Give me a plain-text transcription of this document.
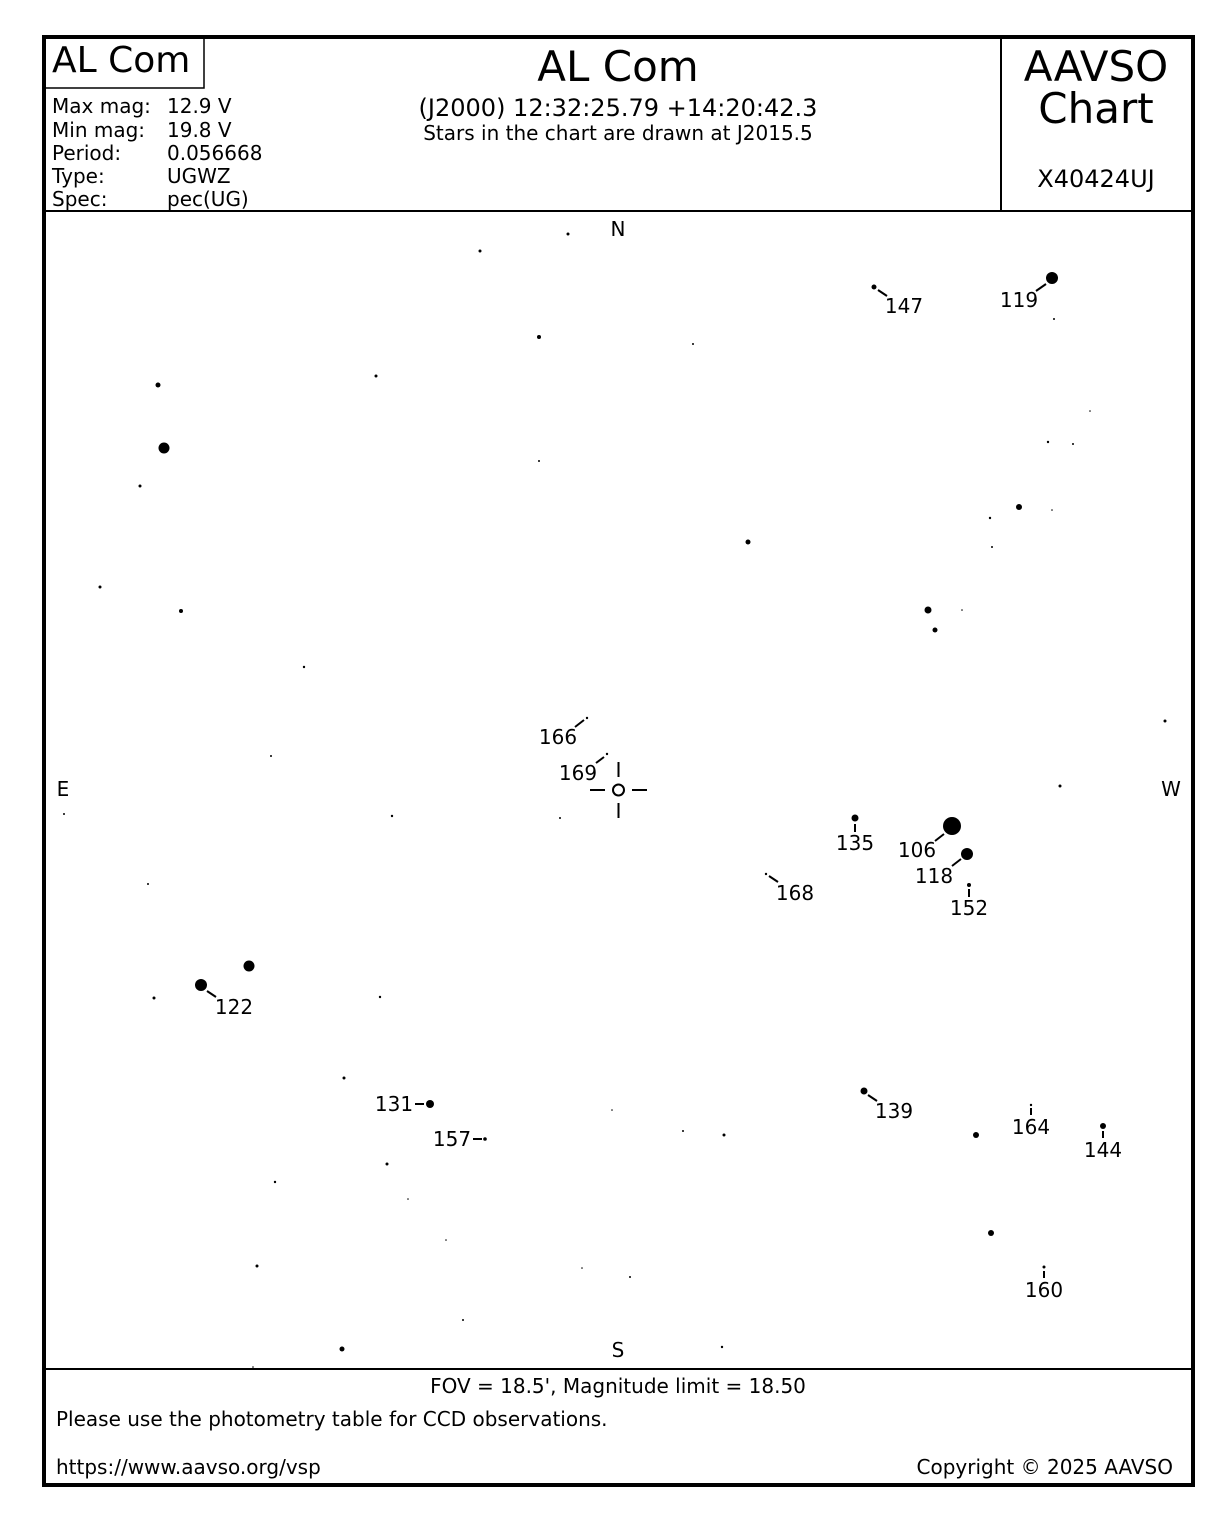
AL Com	AL Com
(J2000) 12:32:25.79 +14:20:42.3
Stars in the chart are drawn at J2015.5
AAVSO
Chart
X40424UJ
Max mag: 12.9 V
Min mag: 19.8 V
Period: 0.056668
Type:	UGWZ
Spec:	pec(UG)
N
S
E	W
147	119
166
169
135 106
118
152
168
122
131
157
139
164
144
160
FOV = 18.5', Magnitude limit = 18.50
Please use the photometry table for CCD observations.
https://www.aavso.org/vsp	Copyright © 2025 AAVSO
